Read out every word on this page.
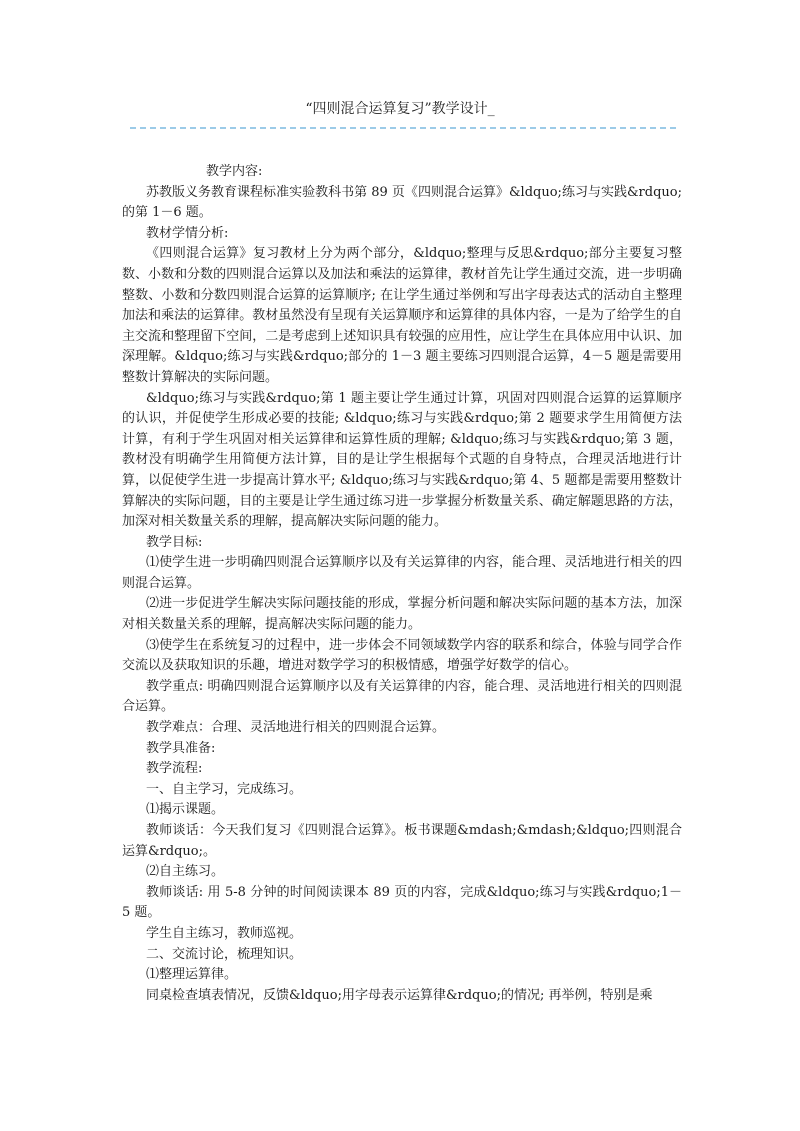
“四则混合运算复习”教学设计_

教学内容:

苏教版义务教育课程标准实验教科书第 89 页《四则混合运算》&ldquo;练习与实践&rdquo;的第 1－6 题。

教材学情分析:

《四则混合运算》复习教材上分为两个部分，&ldquo;整理与反思&rdquo;部分主要复习整数、小数和分数的四则混合运算以及加法和乘法的运算律，教材首先让学生通过交流，进一步明确整数、小数和分数四则混合运算的运算顺序; 在让学生通过举例和写出字母表达式的活动自主整理加法和乘法的运算律。教材虽然没有呈现有关运算顺序和运算律的具体内容，一是为了给学生的自主交流和整理留下空间，二是考虑到上述知识具有较强的应用性，应让学生在具体应用中认识、加深理解。&ldquo;练习与实践&rdquo;部分的 1－3 题主要练习四则混合运算，4－5 题是需要用整数计算解决的实际问题。

&ldquo;练习与实践&rdquo;第 1 题主要让学生通过计算，巩固对四则混合运算的运算顺序的认识，并促使学生形成必要的技能; &ldquo;练习与实践&rdquo;第 2 题要求学生用简便方法计算，有利于学生巩固对相关运算律和运算性质的理解; &ldquo;练习与实践&rdquo;第 3 题，教材没有明确学生用简便方法计算，目的是让学生根据每个式题的自身特点，合理灵活地进行计算，以促使学生进一步提高计算水平; &ldquo;练习与实践&rdquo;第 4、5 题都是需要用整数计算解决的实际问题，目的主要是让学生通过练习进一步掌握分析数量关系、确定解题思路的方法，加深对相关数量关系的理解，提高解决实际问题的能力。

教学目标:

⑴使学生进一步明确四则混合运算顺序以及有关运算律的内容，能合理、灵活地进行相关的四则混合运算。

⑵进一步促进学生解决实际问题技能的形成，掌握分析问题和解决实际问题的基本方法，加深对相关数量关系的理解，提高解决实际问题的能力。

⑶使学生在系统复习的过程中，进一步体会不同领域数学内容的联系和综合，体验与同学合作交流以及获取知识的乐趣，增进对数学学习的积极情感，增强学好数学的信心。

教学重点: 明确四则混合运算顺序以及有关运算律的内容，能合理、灵活地进行相关的四则混合运算。

教学难点：合理、灵活地进行相关的四则混合运算。

教学具准备:

教学流程:

一、自主学习，完成练习。

⑴揭示课题。

教师谈话：今天我们复习《四则混合运算》。板书课题&mdash;&mdash;&ldquo;四则混合运算&rdquo;。

⑵自主练习。

教师谈话: 用 5-8 分钟的时间阅读课本 89 页的内容，完成&ldquo;练习与实践&rdquo;1－5 题。

学生自主练习，教师巡视。

二、交流讨论，梳理知识。

⑴整理运算律。

同桌检查填表情况，反馈&ldquo;用字母表示运算律&rdquo;的情况; 再举例，特别是乘
